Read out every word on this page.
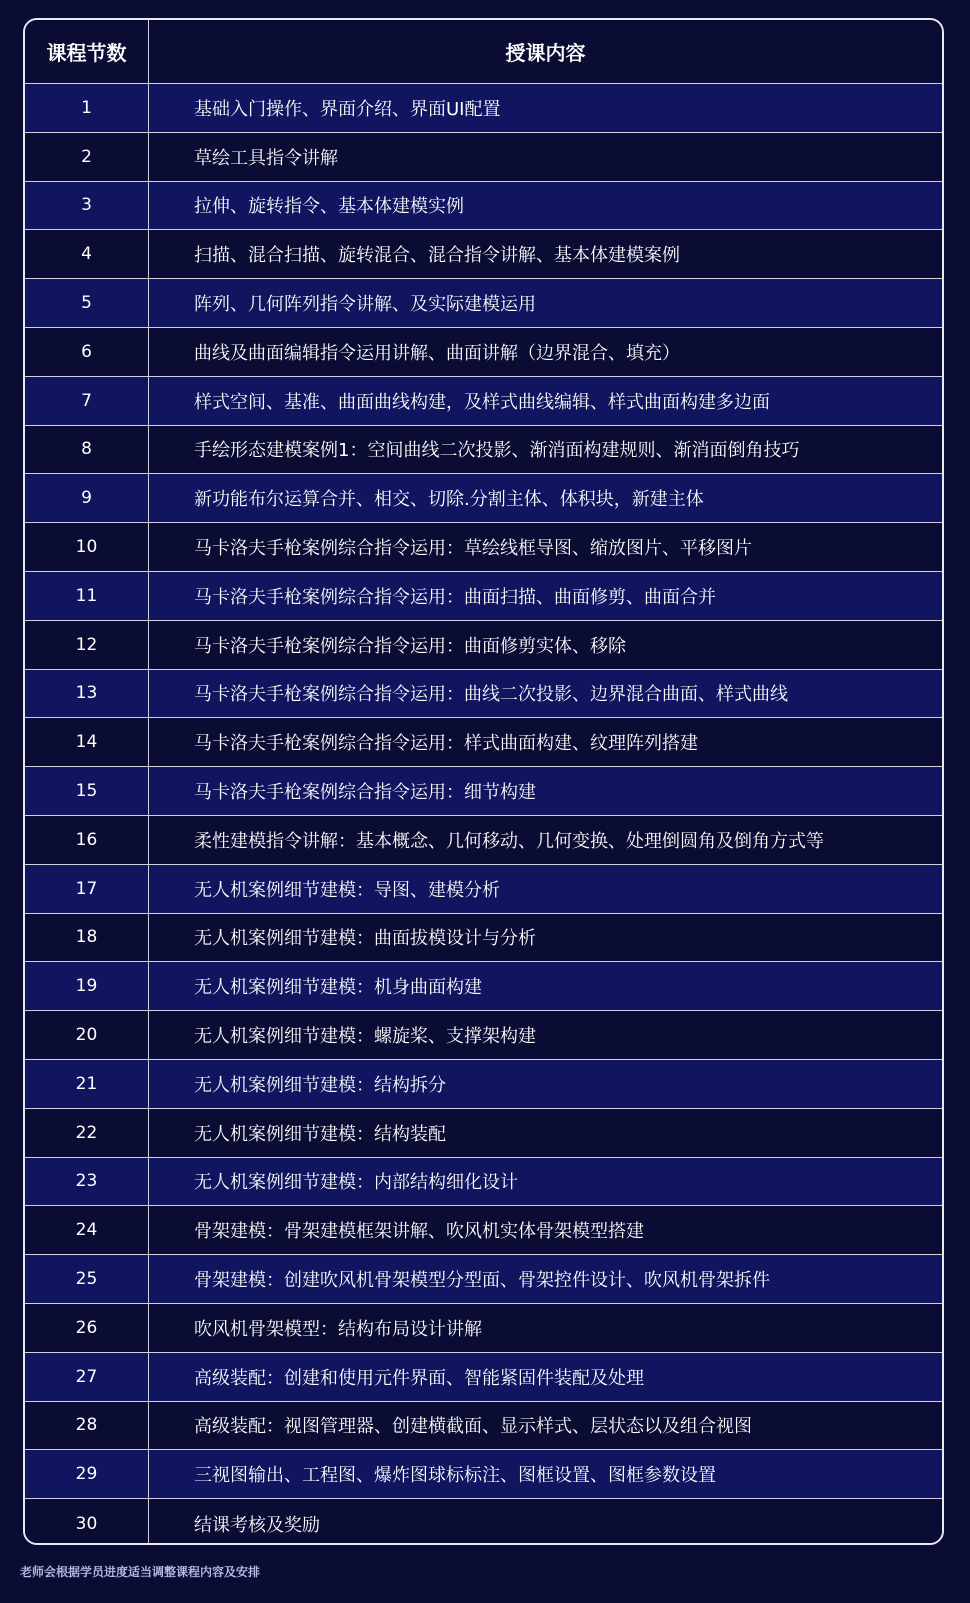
课程节数	授课内容
1	基础入门操作、界面介绍、界面UI配置
2	草绘工具指令讲解
3	拉伸、旋转指令、基本体建模实例
4	扫描、混合扫描、旋转混合、混合指令讲解、基本体建模案例
5	阵列、几何阵列指令讲解、及实际建模运用
6	曲线及曲面编辑指令运用讲解、曲面讲解（边界混合、填充）
7	样式空间、基准、曲面曲线构建，及样式曲线编辑、样式曲面构建多边面
8	手绘形态建模案例1：空间曲线二次投影、渐消面构建规则、渐消面倒角技巧
9	新功能布尔运算合并、相交、切除.分割主体、体积块，新建主体
10	马卡洛夫手枪案例综合指令运用：草绘线框导图、缩放图片、平移图片
11	马卡洛夫手枪案例综合指令运用：曲面扫描、曲面修剪、曲面合并
12	马卡洛夫手枪案例综合指令运用：曲面修剪实体、移除
13	马卡洛夫手枪案例综合指令运用：曲线二次投影、边界混合曲面、样式曲线
14	马卡洛夫手枪案例综合指令运用：样式曲面构建、纹理阵列搭建
15	马卡洛夫手枪案例综合指令运用：细节构建
16	柔性建模指令讲解：基本概念、几何移动、几何变换、处理倒圆角及倒角方式等
17	无人机案例细节建模：导图、建模分析
18	无人机案例细节建模：曲面拔模设计与分析
19	无人机案例细节建模：机身曲面构建
20	无人机案例细节建模：螺旋桨、支撑架构建
21	无人机案例细节建模：结构拆分
22	无人机案例细节建模：结构装配
23	无人机案例细节建模：内部结构细化设计
24	骨架建模：骨架建模框架讲解、吹风机实体骨架模型搭建
25	骨架建模：创建吹风机骨架模型分型面、骨架控件设计、吹风机骨架拆件
26	吹风机骨架模型：结构布局设计讲解
27	高级装配：创建和使用元件界面、智能紧固件装配及处理
28	高级装配：视图管理器、创建横截面、显示样式、层状态以及组合视图
29	三视图输出、工程图、爆炸图球标标注、图框设置、图框参数设置
30	结课考核及奖励
老师会根据学员进度适当调整课程内容及安排
